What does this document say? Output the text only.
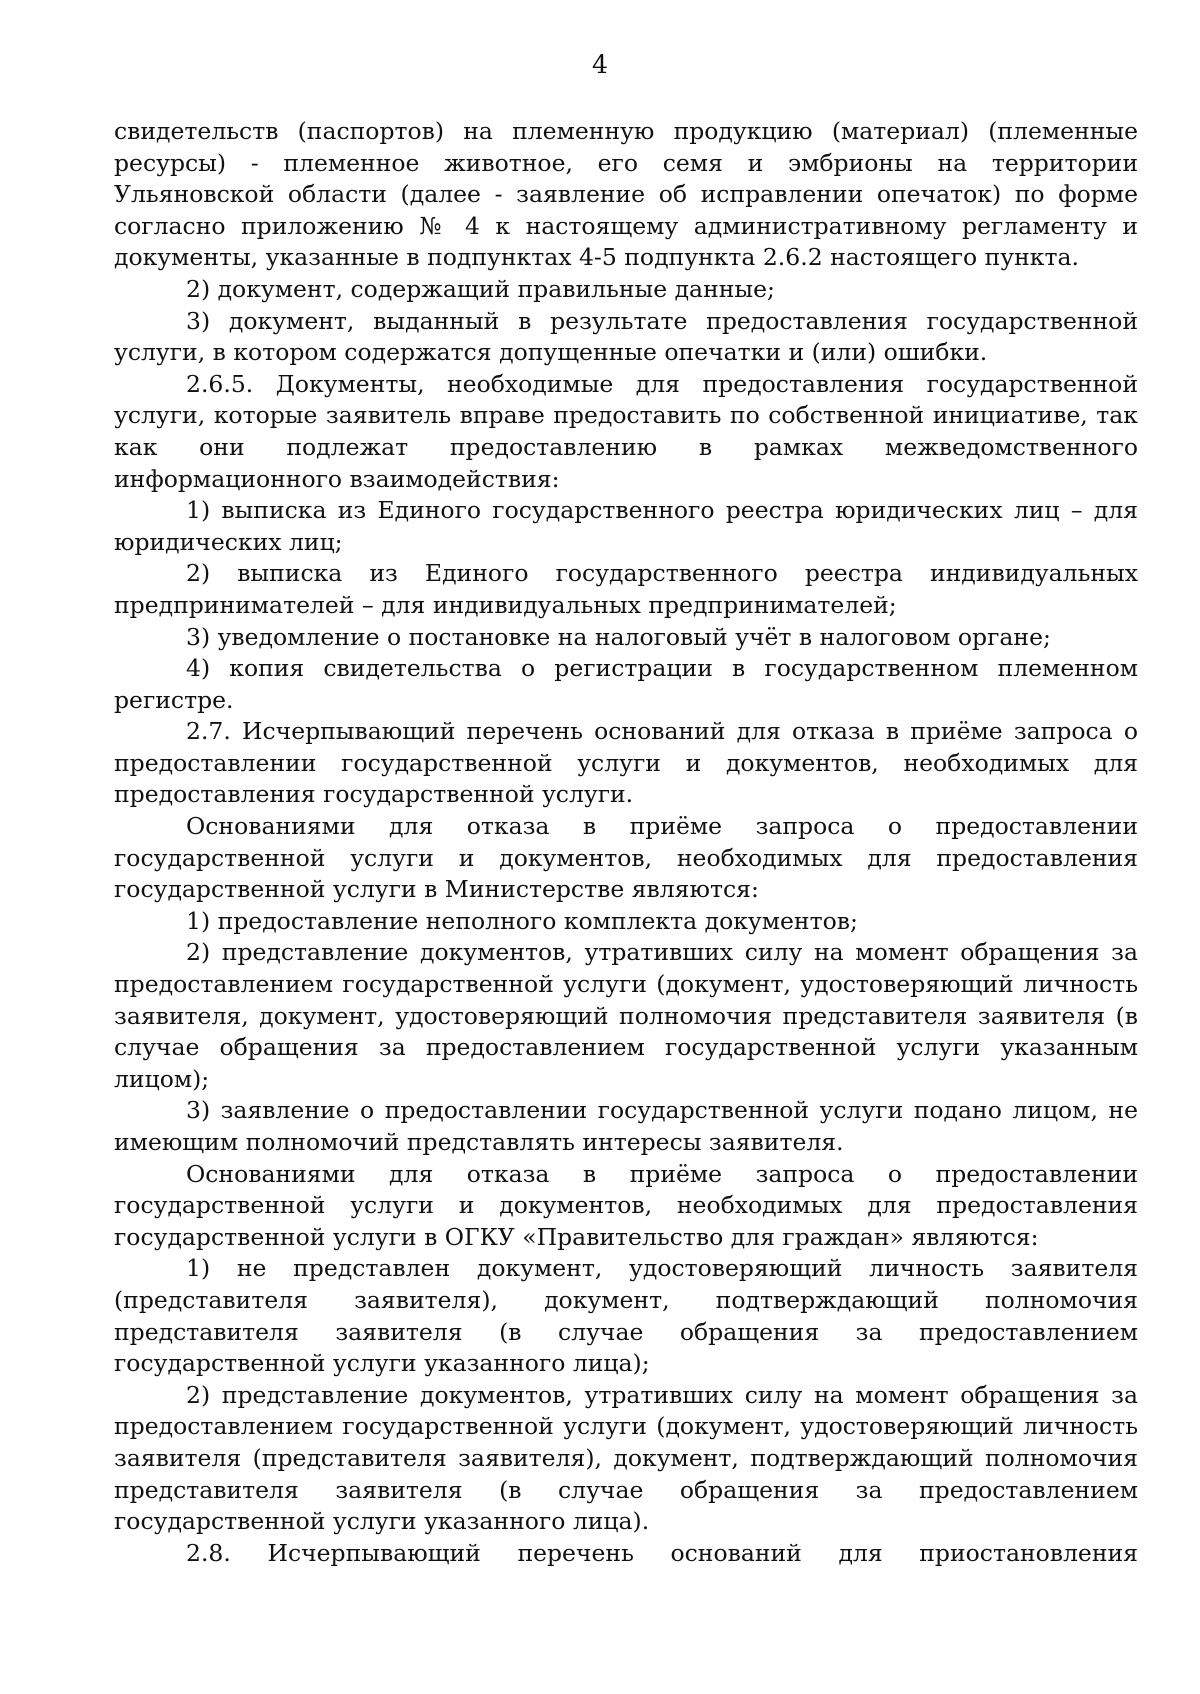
4

свидетельств (паспортов) на племенную продукцию (материал) (племенные ресурсы) - племенное животное, его семя и эмбрионы на территории Ульяновской области (далее - заявление об исправлении опечаток) по форме согласно приложению № 4 к настоящему административному регламенту и документы, указанные в подпунктах 4-5 подпункта 2.6.2 настоящего пункта.

2) документ, содержащий правильные данные;

3) документ, выданный в результате предоставления государственной услуги, в котором содержатся допущенные опечатки и (или) ошибки.

2.6.5. Документы, необходимые для предоставления государственной услуги, которые заявитель вправе предоставить по собственной инициативе, так как они подлежат предоставлению в рамках межведомственного информационного взаимодействия:

1) выписка из Единого государственного реестра юридических лиц – для юридических лиц;

2) выписка из Единого государственного реестра индивидуальных предпринимателей – для индивидуальных предпринимателей;

3) уведомление о постановке на налоговый учёт в налоговом органе;

4) копия свидетельства о регистрации в государственном племенном регистре.

2.7. Исчерпывающий перечень оснований для отказа в приёме запроса о предоставлении государственной услуги и документов, необходимых для предоставления государственной услуги.

Основаниями для отказа в приёме запроса о предоставлении государственной услуги и документов, необходимых для предоставления государственной услуги в Министерстве являются:

1) предоставление неполного комплекта документов;

2) представление документов, утративших силу на момент обращения за предоставлением государственной услуги (документ, удостоверяющий личность заявителя, документ, удостоверяющий полномочия представителя заявителя (в случае обращения за предоставлением государственной услуги указанным лицом);

3) заявление о предоставлении государственной услуги подано лицом, не имеющим полномочий представлять интересы заявителя.

Основаниями для отказа в приёме запроса о предоставлении государственной услуги и документов, необходимых для предоставления государственной услуги в ОГКУ «Правительство для граждан» являются:

1) не представлен документ, удостоверяющий личность заявителя (представителя заявителя), документ, подтверждающий полномочия представителя заявителя (в случае обращения за предоставлением государственной услуги указанного лица);

2) представление документов, утративших силу на момент обращения за предоставлением государственной услуги (документ, удостоверяющий личность заявителя (представителя заявителя), документ, подтверждающий полномочия представителя заявителя (в случае обращения за предоставлением государственной услуги указанного лица).

2.8. Исчерпывающий перечень оснований для приостановления
